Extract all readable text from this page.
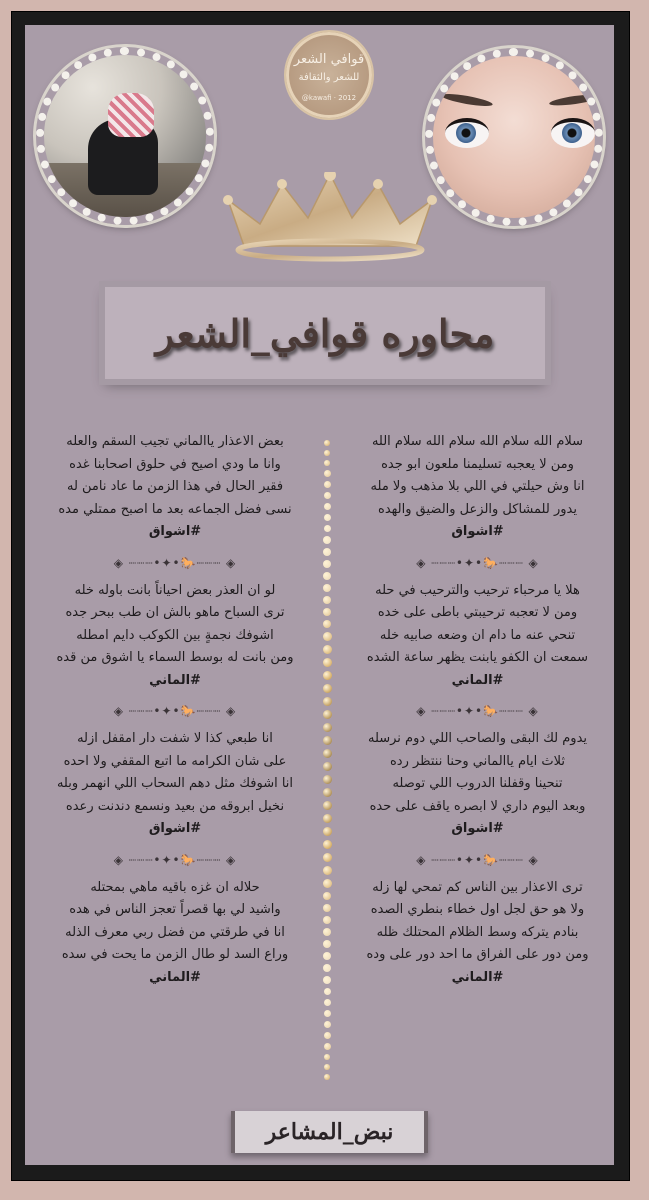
قوافي الشعر
للشعر والثقافة
@kawafi · 2012
محاوره قوافي_الشعر

سلام الله سلام الله سلام الله سلام الله

ومن لا يعجبه تسليمنا ملعون ابو جده

انا وش حيلتي في اللي بلا مذهب ولا مله

يدور للمشاكل والزعل والضيق والهده

#اشواق

◈ ┈┈┈•✦•🐎┈┈┈ ◈

هلا يا مرحباء ترحيب والترحيب في حله

ومن لا تعجبه ترحيبتي باطى على خده

تنحي عنه ما دام ان وضعه صابيه خله

سمعت ان الكفو يابنت يظهر ساعة الشده

#الماني

◈ ┈┈┈•✦•🐎┈┈┈ ◈

يدوم لك البقى والصاحب اللي دوم نرسله

ثلاث ايام ياالماني وحنا ننتظر رده

تنحينا وقفلنا الدروب اللي توصله

وبعد اليوم داري لا ابصره ياقف على حده

#اشواق

◈ ┈┈┈•✦•🐎┈┈┈ ◈

ترى الاعذار بين الناس كم تمحي لها زله

ولا هو حق لجل اول خطاء بنطري الصده

بنادم يتركه وسط الظلام المحتلك ظله

ومن دور على الفراق ما احد دور على وده

#الماني

بعض الاعذار ياالماني تجيب السقم والعله

وانا ما ودي اصيح في حلوق اصحابنا غده

فقير الحال في هذا الزمن ما عاد نامن له

نسى فضل الجماعه بعد ما اصبح ممتلي مده

#اشواق

◈ ┈┈┈•✦•🐎┈┈┈ ◈

لو ان العذر بعض احياناً بانت باوله خله

ترى السباح ماهو بالش ان طب ببحر جده

اشوفك نجمةٍ بين الكوكب دايم امطله

ومن بانت له بوسط السماء يا اشوق من قده

#الماني

◈ ┈┈┈•✦•🐎┈┈┈ ◈

انا طبعي كذا لا شفت دار امقفل ازله

على شان الكرامه ما اتبع المقفي ولا احده

انا اشوفك مثل دهم السحاب اللي انهمر وبله

نخيل ابروقه من بعيد ونسمع دندنت رعده

#اشواق

◈ ┈┈┈•✦•🐎┈┈┈ ◈

حلاله ان غزه باقيه ماهي بمحتله

واشيد لي بها قصراً تعجز الناس في هده

انا في طرقتي من فضل ربي معرف الذله

وراع السد لو طال الزمن ما يحت في سده

#الماني

نبض_المشاعر
